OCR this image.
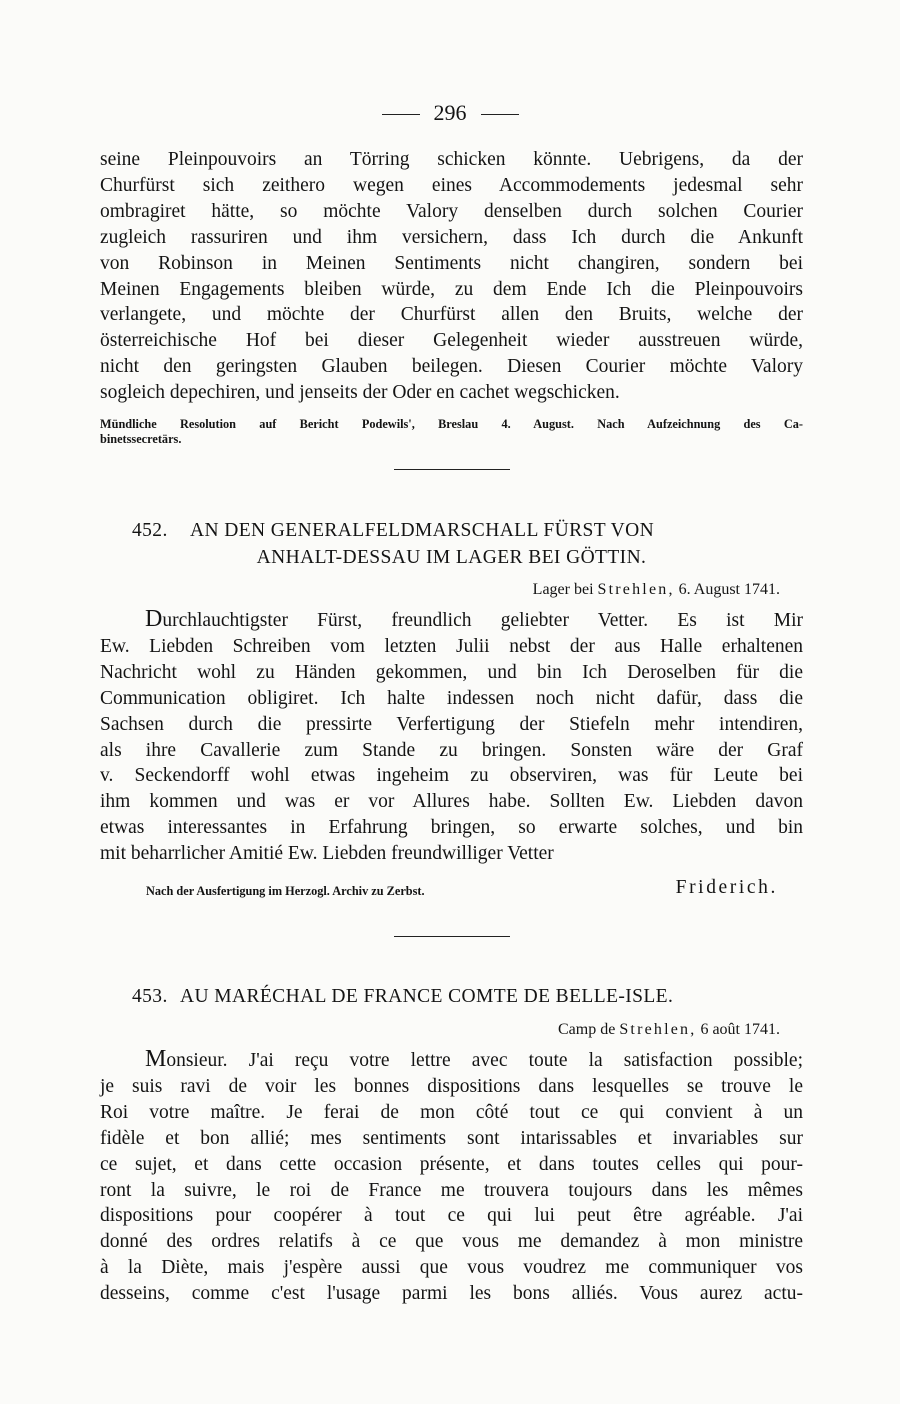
296

seine Pleinpouvoirs an Törring schicken könnte. Uebrigens, da der
Churfürst sich zeithero wegen eines Accommodements jedesmal sehr
ombragiret hätte, so möchte Valory denselben durch solchen Courier
zugleich rassuriren und ihm versichern, dass Ich durch die Ankunft
von Robinson in Meinen Sentiments nicht changiren, sondern bei
Meinen Engagements bleiben würde, zu dem Ende Ich die Pleinpouvoirs
verlangete, und möchte der Churfürst allen den Bruits, welche der
österreichische Hof bei dieser Gelegenheit wieder ausstreuen würde,
nicht den geringsten Glauben beilegen. Diesen Courier möchte Valory
sogleich depechiren, und jenseits der Oder en cachet wegschicken.

Mündliche Resolution auf Bericht Podewils', Breslau 4. August. Nach Aufzeichnung des Ca-
binetssecretärs.

452. AN DEN GENERALFELDMARSCHALL FÜRST VON
ANHALT-DESSAU IM LAGER BEI GÖTTIN.
Lager bei Strehlen, 6. August 1741.

Durchlauchtigster Fürst, freundlich geliebter Vetter. Es ist Mir
Ew. Liebden Schreiben vom letzten Julii nebst der aus Halle erhaltenen
Nachricht wohl zu Händen gekommen, und bin Ich Deroselben für die
Communication obligiret. Ich halte indessen noch nicht dafür, dass die
Sachsen durch die pressirte Verfertigung der Stiefeln mehr intendiren,
als ihre Cavallerie zum Stande zu bringen. Sonsten wäre der Graf
v. Seckendorff wohl etwas ingeheim zu observiren, was für Leute bei
ihm kommen und was er vor Allures habe. Sollten Ew. Liebden davon
etwas interessantes in Erfahrung bringen, so erwarte solches, und bin
mit beharrlicher Amitié Ew. Liebden freundwilliger Vetter

Nach der Ausfertigung im Herzogl. Archiv zu Zerbst.	Friderich.
453. AU MARÉCHAL DE FRANCE COMTE DE BELLE-ISLE.
Camp de Strehlen, 6 août 1741.

Monsieur. J'ai reçu votre lettre avec toute la satisfaction possible;
je suis ravi de voir les bonnes dispositions dans lesquelles se trouve le
Roi votre maître. Je ferai de mon côté tout ce qui convient à un
fidèle et bon allié; mes sentiments sont intarissables et invariables sur
ce sujet, et dans cette occasion présente, et dans toutes celles qui pour-
ront la suivre, le roi de France me trouvera toujours dans les mêmes
dispositions pour coopérer à tout ce qui lui peut être agréable. J'ai
donné des ordres relatifs à ce que vous me demandez à mon ministre
à la Diète, mais j'espère aussi que vous voudrez me communiquer vos
desseins, comme c'est l'usage parmi les bons alliés. Vous aurez actu-
